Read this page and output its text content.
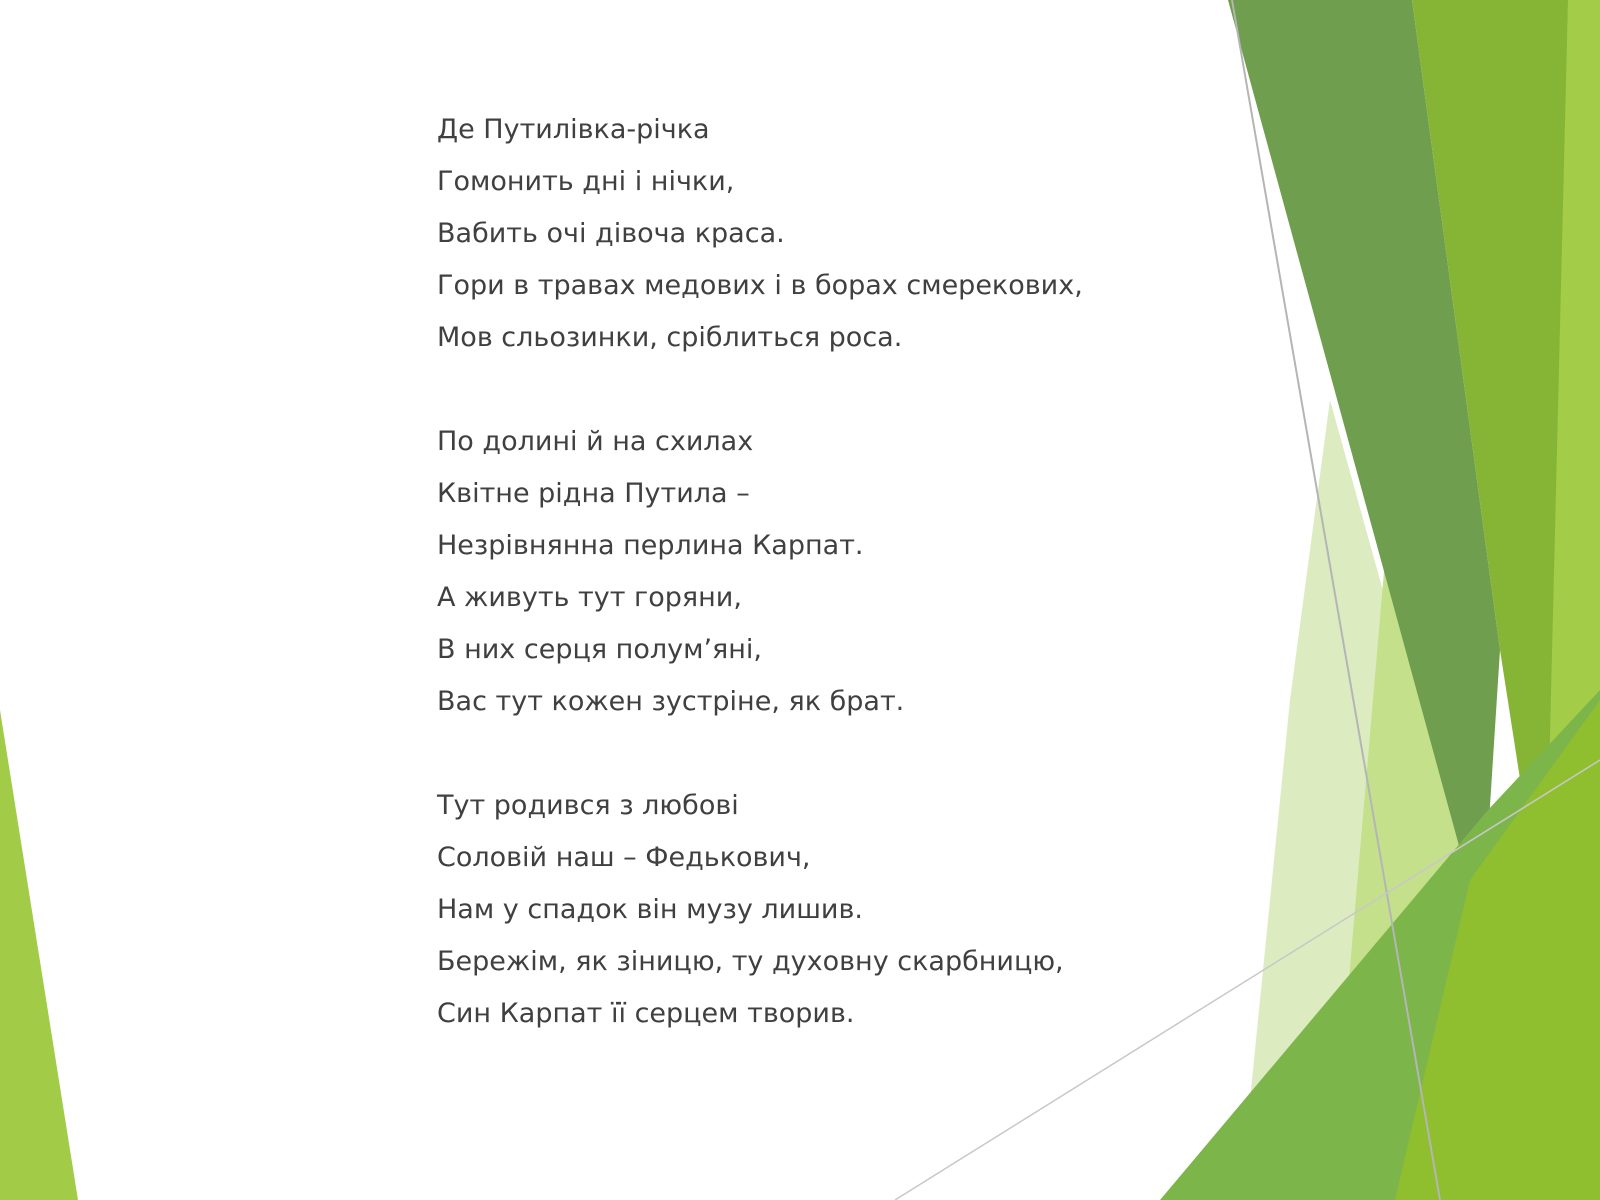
Де Путилівка-річка
Гомонить дні і нічки,
Вабить очі дівоча краса.
Гори в травах медових і в борах смерекових,
Мов сльозинки, сріблиться роса.
По долині й на схилах
Квітне рідна Путила –
Незрівнянна перлина Карпат.
А живуть тут горяни,
В них серця полум’яні,
Вас тут кожен зустріне, як брат.
Тут родився з любові
Соловій наш – Федькович,
Нам у спадок він музу лишив.
Бережім, як зіницю, ту духовну скарбницю,
Син Карпат її серцем творив.
